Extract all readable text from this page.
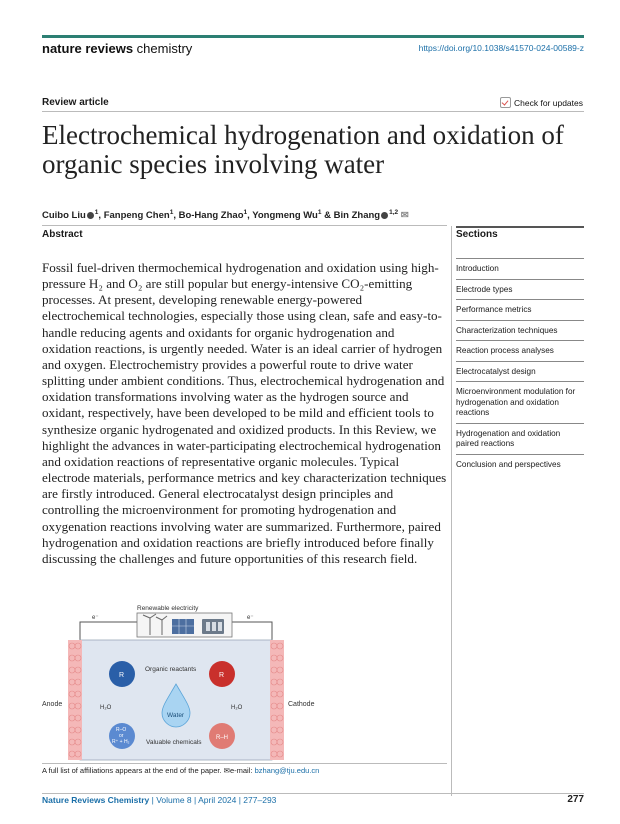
nature reviews chemistry	https://doi.org/10.1038/s41570-024-00589-z
Review article	Check for updates
Electrochemical hydrogenation and oxidation of organic species involving water
Cuibo Liu $^1$, Fanpeng Chen$^1$, Bo-Hang Zhao$^1$, Yongmeng Wu$^1$ & Bin Zhang $^{1,2}$ ✉
Abstract
Fossil fuel-driven thermochemical hydrogenation and oxidation using high-pressure H₂ and O₂ are still popular but energy-intensive CO₂-emitting processes. At present, developing renewable energy-powered electrochemical technologies, especially those using clean, safe and easy-to-handle reducing agents and oxidants for organic hydrogenation and oxidation reactions, is urgently needed. Water is an ideal carrier of hydrogen and oxygen. Electrochemistry provides a powerful route to drive water splitting under ambient conditions. Thus, electrochemical hydrogenation and oxidation transformations involving water as the hydrogen source and oxidant, respectively, have been developed to be mild and efficient tools to synthesize organic hydrogenated and oxidized products. In this Review, we highlight the advances in water-participating electrochemical hydrogenation and oxidation reactions of representative organic molecules. Typical electrode materials, performance metrics and key characterization techniques are firstly introduced. General electrocatalyst design principles and controlling the microenvironment for promoting hydrogenation and oxygenation reactions involving water are summarized. Furthermore, paired hydrogenation and oxidation reactions are briefly introduced before finally discussing the challenges and future opportunities of this research field.
Sections
Introduction
Electrode types
Performance metrics
Characterization techniques
Reaction process analyses
Electrocatalyst design
Microenvironment modulation for hydrogenation and oxidation reactions
Hydrogenation and oxidation paired reactions
Conclusion and perspectives
e⁻	e⁻
Renewable electricity
Anode	Cathode
R	R
Organic reactants
Water
H₂O	H₂O
R–O
or
R⁺ + H₂
R–H
Valuable chemicals
A full list of affiliations appears at the end of the paper. ✉e-mail: bzhang@tju.edu.cn
Nature Reviews Chemistry | Volume 8 | April 2024 | 277–293	277
